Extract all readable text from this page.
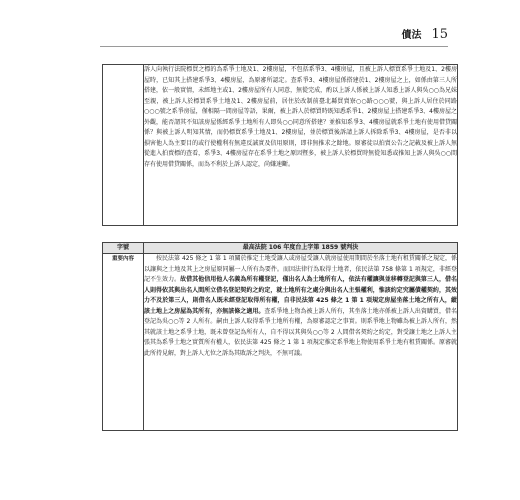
債法 15

訴人向執行法院標買之標的為系爭土地及1、2樓房屋，不包括系爭3、4樓房屋，且被上訴人標買系爭土地及1、2樓房屋時，已知其上搭建系爭3、4樓房屋，為原審所認定。查系爭3、4樓房屋係搭建於1、2樓房屋之上，如係由第三人所搭建，依一般實情，未經地主或1、2樓房屋所有人同意，無從完成，酌以上訴人係被上訴人知悉上訴人與吳○○為兄妹至親，被上訴人於標買系爭土地及1、2樓房屋前，居住於改制前臺北縣買賣寮○○路○○○號，與上訴人居住於同路○○○號之系爭房屋，僅相隔一間房屋等語，果爾，被上訴人於標買時既知悉系爭1、2樓房屋上搭建系爭3、4樓房屋之外觀，能否謂其不知該房屋係經系爭土地所有人即吳○○同意所搭建？並推知系爭3、4樓房屋就系爭土地有使用借貸關係？與被上訴人明知其情，而仍標買系爭土地及1、2樓房屋，並於標買後訴請上訴人拆除系爭3、4樓房屋，是否非以損害他人為主要目的或行使權利有無違反誠實及信用原則，即非無推求之餘地。原審徒以拍賣公告之記載及被上訴人無從進入拍賣標的查看，系爭3、4樓房屋存在系爭土地之原因暨多，被上訴人於標買時無從知悉或推知上訴人與吳○○間存有使用借貸關係，而為不利於上訴人認定，尚嫌速斷。

字號	最高法院 106 年度台上字第 1859 號判決
重要內容	按民法第 425 條之 1 第 1 項關於推定土地受讓人或房屋受讓人就房屋使用期間於坐落土地有租賃關係之規定，係以讓與之土地及其上之房屋原同屬一人所有為要件。而因法律行為取得土地者，依民法第 758 條第 1 項規定，非經登記不生效力。故借其他信用他人名義為所有權登記，僅出名人為土地所有人，依法有權讓與並移轉登記與第三人，借名人則得依其與出名人間所立借名登記契約之約定，就土地所有之處分與出名人主張權利，惟該約定究屬債權契約，其效力不及於第三人，則借名人既未經登記取得所有權，自非民法第 425 條之 1 第 1 項規定房屋坐落土地之所有人，縱該土地上之房屋為其所有，亦無該條之適用。查系爭地上物為被上訴人所有，其坐落土地亦係被上訴人出資購買，借名登記為吳○○等 2 人所有。嗣由上訴人取得系爭土地所有權，為原審認定之事實。則系爭地上物雖為被上訴人所有，然其就該土地之系爭土地，既未曾登記為所有人，自不得以其與吳○○等 2 人間借名契約之約定，對受讓土地之上訴人主張其為系爭土地之實質所有權人，依民法第 425 條之 1 第 1 項規定推定系爭地上物使用系爭土地有租賃關係。原審就此所持見解，對上訴人尤位之訴為其敗訴之判決，不無可議。
